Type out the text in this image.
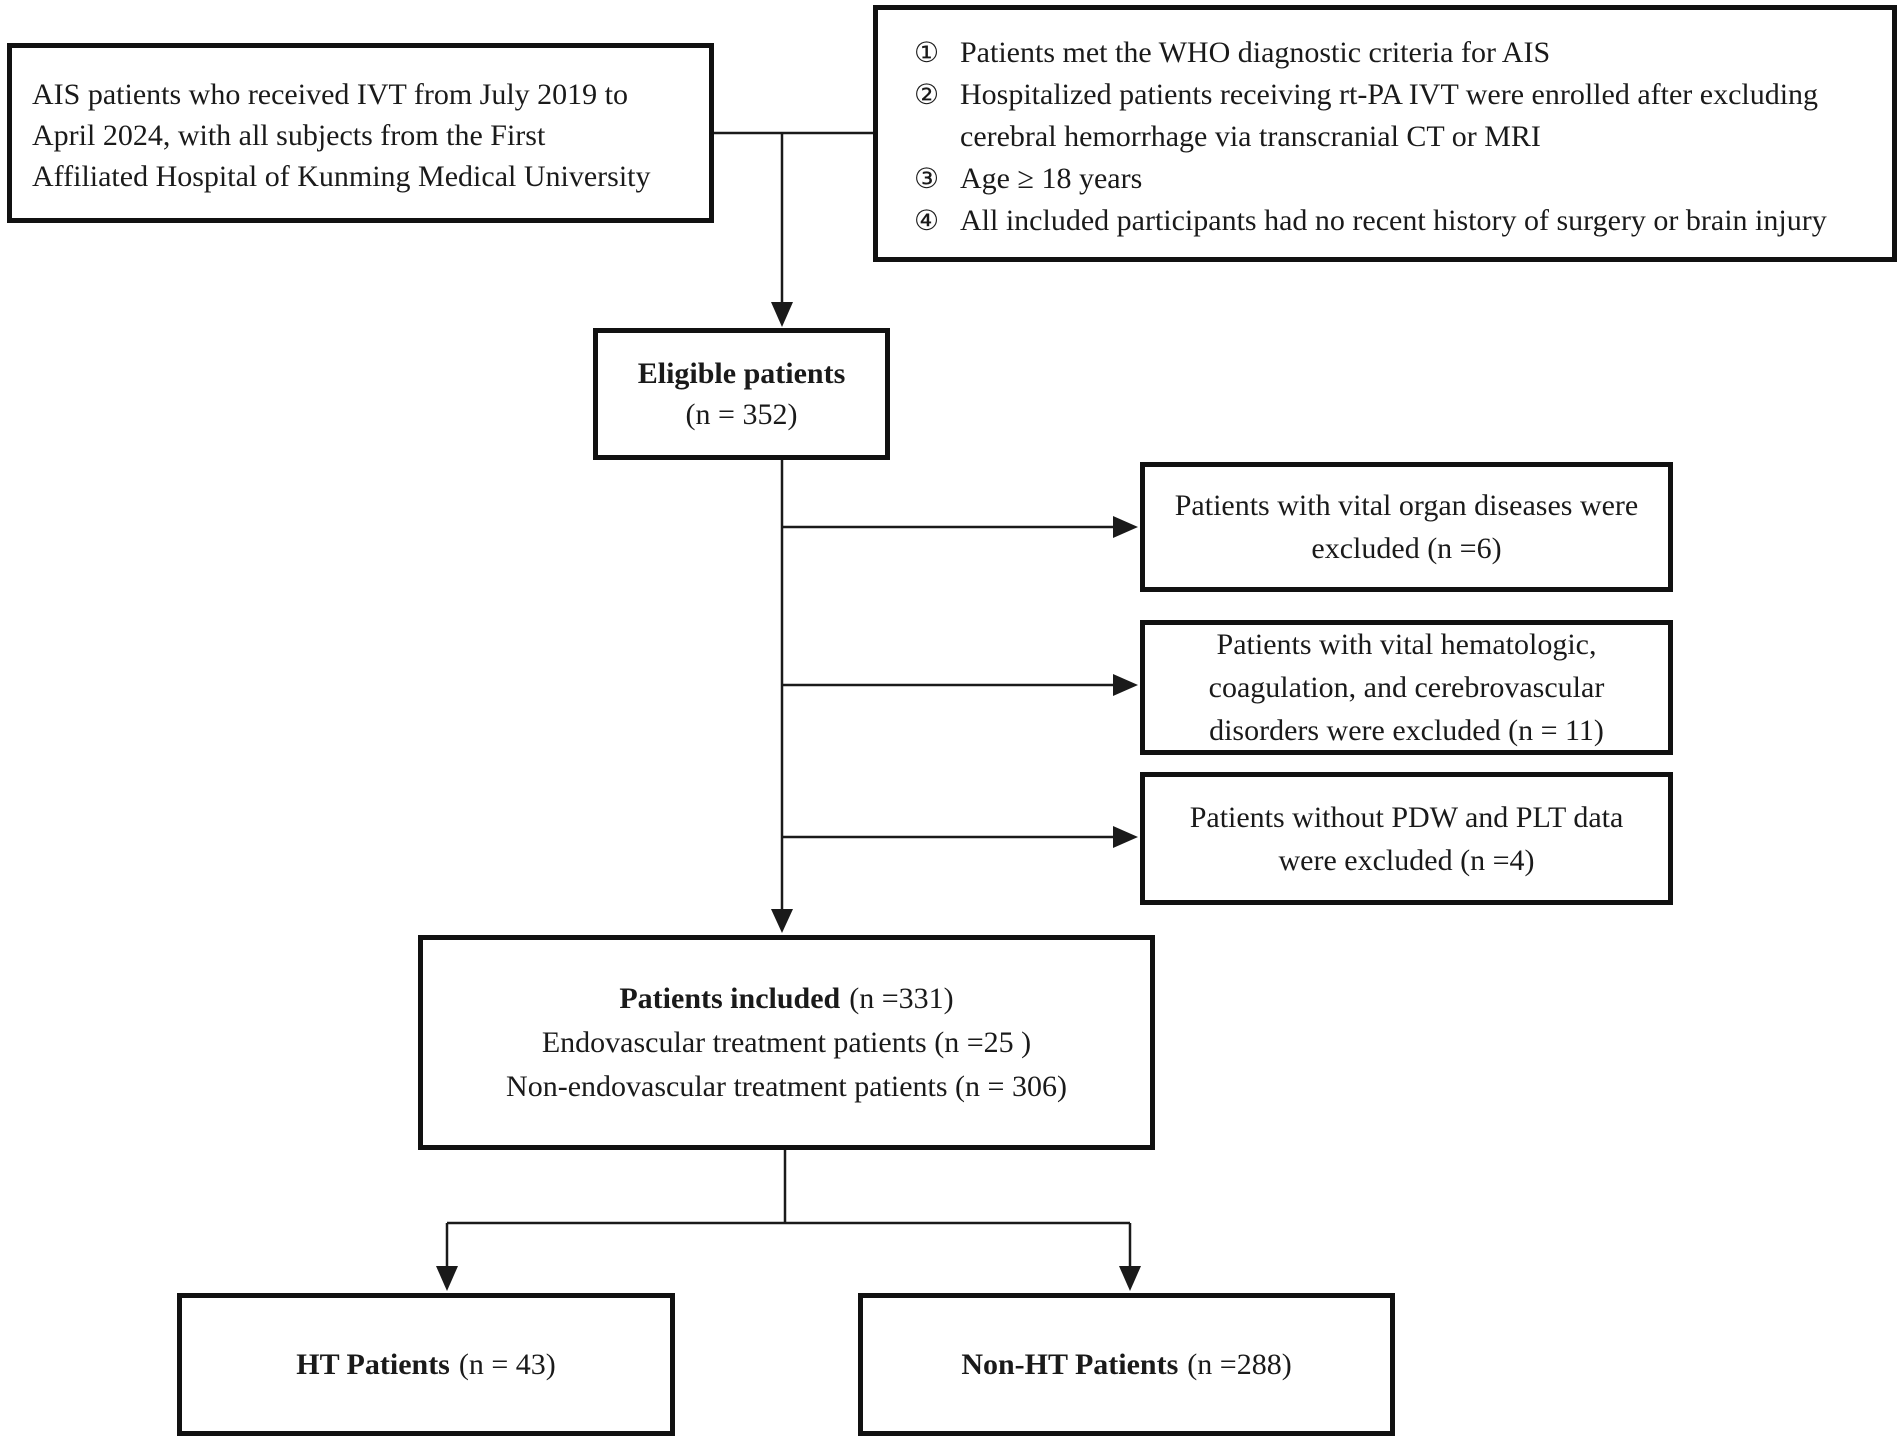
AIS patients who received IVT from July 2019 to
April 2024, with all subjects from the First
Affiliated Hospital of Kunming Medical University
① Patients met the WHO diagnostic criteria for AIS
② Hospitalized patients receiving rt-PA IVT were enrolled after excluding
cerebral hemorrhage via transcranial CT or MRI
③ Age ≥ 18 years
④ All included participants had no recent history of surgery or brain injury
Eligible patients
(n = 352)
Patients with vital organ diseases were
excluded (n =6)
Patients with vital hematologic,
coagulation, and cerebrovascular
disorders were excluded (n = 11)
Patients without PDW and PLT data
were excluded (n =4)
Patients included (n =331)
Endovascular treatment patients (n =25 )
Non-endovascular treatment patients (n = 306)
HT Patients (n = 43)	Non-HT Patients (n =288)
